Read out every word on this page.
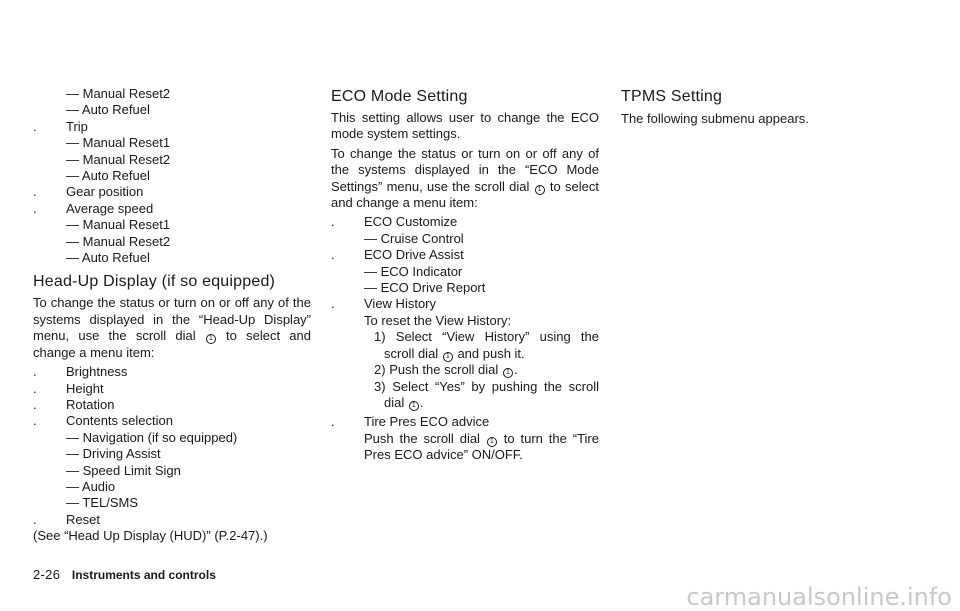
— Manual Reset2
— Auto Refuel
. Trip
— Manual Reset1
— Manual Reset2
— Auto Refuel
. Gear position
. Average speed
— Manual Reset1
— Manual Reset2
— Auto Refuel
Head-Up Display (if so equipped)

To change the status or turn on or off any of the systems displayed in the “Head-Up Display” menu, use the scroll dial 1 to select and change a menu item:

. Brightness
. Height
. Rotation
. Contents selection
— Navigation (if so equipped)
— Driving Assist
— Speed Limit Sign
— Audio
— TEL/SMS
. Reset
(See “Head Up Display (HUD)” (P.2-47).)
ECO Mode Setting

This setting allows user to change the ECO mode system settings.

To change the status or turn on or off any of the systems displayed in the “ECO Mode Settings” menu, use the scroll dial 1 to select and change a menu item:

. ECO Customize
— Cruise Control
. ECO Drive Assist
— ECO Indicator
— ECO Drive Report
. View History
To reset the View History:
1) Select “View History” using the scroll dial 1 and push it.
2) Push the scroll dial 1 .
3) Select “Yes” by pushing the scroll dial 1 .
. Tire Pres ECO advice
Push the scroll dial 1 to turn the “Tire Pres ECO advice” ON/OFF.
TPMS Setting

The following submenu appears.

2-26 Instruments and controls
carmanualsonline.info
